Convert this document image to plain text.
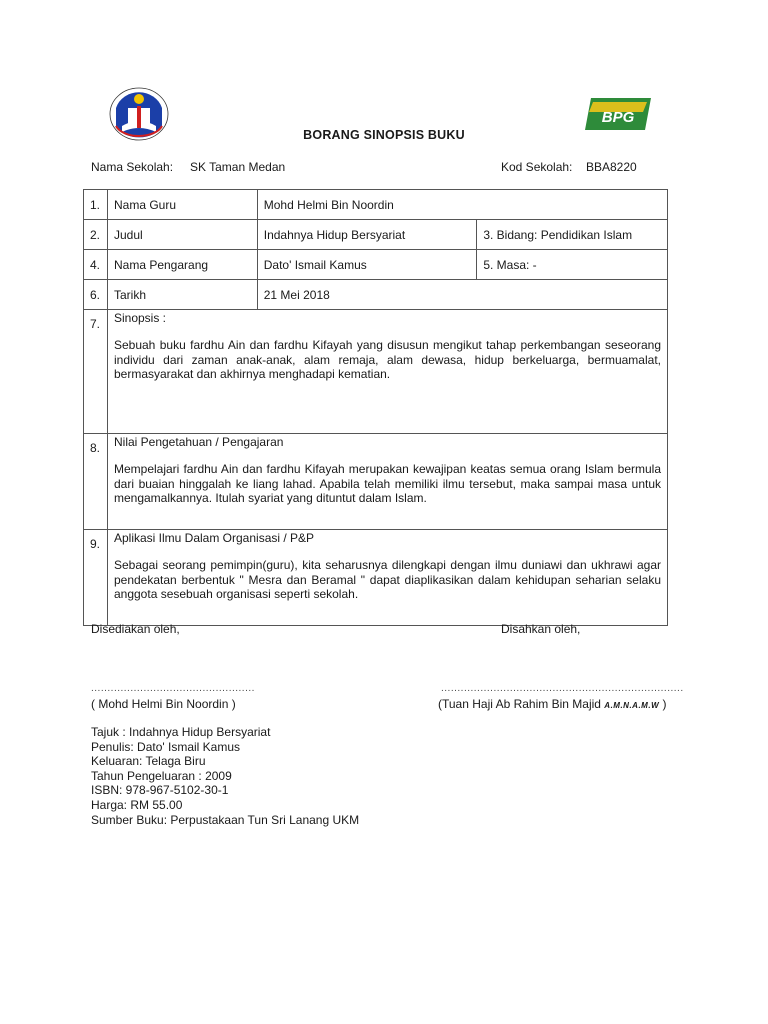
BPG
BORANG SINOPSIS BUKU
Nama Sekolah: SK Taman Medan	Kod Sekolah: BBA8220
1.	Nama Guru	Mohd Helmi Bin Noordin	
2.	Judul	Indahnya Hidup Bersyariat	3. Bidang: Pendidikan Islam
4.	Nama Pengarang	Dato' Ismail Kamus	5. Masa: -
6.	Tarikh	21 Mei 2018	
7.	Sinopsis :
Sebuah buku fardhu Ain dan fardhu Kifayah yang disusun mengikut tahap perkembangan seseorang individu dari zaman anak-anak, alam remaja, alam dewasa, hidup berkeluarga, bermuamalat, bermasyarakat dan akhirnya menghadapi kematian.		

8.	Nilai Pengetahuan / Pengajaran
Mempelajari fardhu Ain dan fardhu Kifayah merupakan kewajipan keatas semua orang Islam bermula dari buaian hinggalah ke liang lahad. Apabila telah memiliki ilmu tersebut, maka sampai masa untuk mengamalkannya. Itulah syariat yang dituntut dalam Islam.		

9.	Aplikasi Ilmu Dalam Organisasi / P&P
Sebagai seorang pemimpin(guru), kita seharusnya dilengkapi dengan ilmu duniawi dan ukhrawi agar pendekatan berbentuk " Mesra dan Beramal " dapat diaplikasikan dalam kehidupan seharian selaku anggota sesebuah organisasi seperti sekolah.		
Disediakan oleh,	Disahkan oleh,
..................................................	..........................................................................
( Mohd Helmi Bin Noordin )	(Tuan Haji Ab Rahim Bin Majid A.M.N.A.M.W )
Tajuk : Indahnya Hidup Bersyariat
Penulis: Dato' Ismail Kamus
Keluaran: Telaga Biru
Tahun Pengeluaran : 2009
ISBN: 978-967-5102-30-1
Harga: RM 55.00
Sumber Buku: Perpustakaan Tun Sri Lanang UKM
